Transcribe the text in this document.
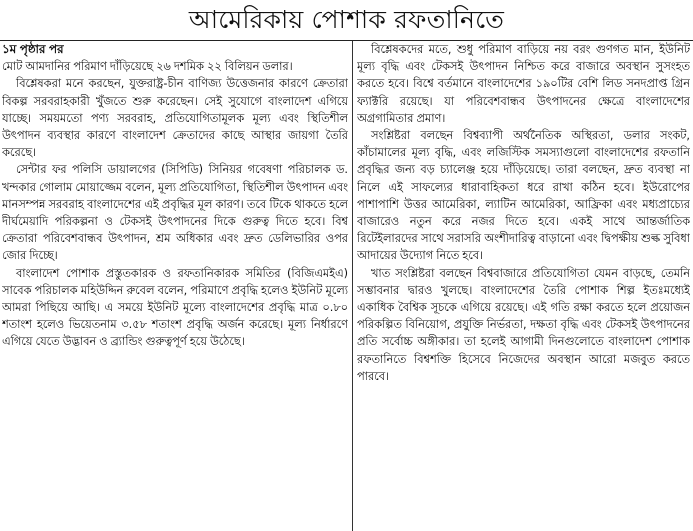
আমেরিকায় পোশাক রফতানিতে

১ম পৃষ্ঠার পর

মোট আমদানির পরিমাণ দাঁড়িয়েছে ২৬ দশমিক ২২ বিলিয়ন ডলার।

বিশ্লেষকরা মনে করছেন, যুক্তরাষ্ট্র-চীন বাণিজ্য উত্তেজনার কারণে ক্রেতারা বিকল্প সরবরাহকারী খুঁজতে শুরু করেছেন। সেই সুযোগে বাংলাদেশ এগিয়ে যাচ্ছে। সময়মতো পণ্য সরবরাহ, প্রতিযোগিতামূলক মূল্য এবং স্থিতিশীল উৎপাদন ব্যবস্থার কারণে বাংলাদেশ ক্রেতাদের কাছে আস্থার জায়গা তৈরি করেছে।

সেন্টার ফর পলিসি ডায়ালগের (সিপিডি) সিনিয়র গবেষণা পরিচালক ড. খন্দকার গোলাম মোয়াজ্জেম বলেন, মূল্য প্রতিযোগিতা, স্থিতিশীল উৎপাদন এবং মানসম্পন্ন সরবরাহ বাংলাদেশের এই প্রবৃদ্ধির মূল কারণ। তবে টিকে থাকতে হলে দীর্ঘমেয়াদি পরিকল্পনা ও টেকসই উৎপাদনের দিকে গুরুত্ব দিতে হবে। বিশ্ব ক্রেতারা পরিবেশবান্ধব উৎপাদন, শ্রম অধিকার এবং দ্রুত ডেলিভারির ওপর জোর দিচ্ছে।

বাংলাদেশ পোশাক প্রস্তুতকারক ও রফতানিকারক সমিতির (বিজিএমইএ) সাবেক পরিচালক মহিউদ্দিন রুবেল বলেন, পরিমাণে প্রবৃদ্ধি হলেও ইউনিট মূল্যে আমরা পিছিয়ে আছি। এ সময়ে ইউনিট মূল্যে বাংলাদেশের প্রবৃদ্ধি মাত্র ০.৮০ শতাংশ হলেও ভিয়েতনাম ৩.৫৮ শতাংশ প্রবৃদ্ধি অর্জন করেছে। মূল্য নির্ধারণে এগিয়ে যেতে উদ্ভাবন ও ব্র্যান্ডিং গুরুত্বপূর্ণ হয়ে উঠেছে।

বিশ্লেষকদের মতে, শুধু পরিমাণ বাড়িয়ে নয় বরং গুণগত মান, ইউনিট মূল্য বৃদ্ধি এবং টেকসই উৎপাদন নিশ্চিত করে বাজারে অবস্থান সুসংহত করতে হবে। বিশ্বে বর্তমানে বাংলাদেশের ১৯০টির বেশি লিড সনদপ্রাপ্ত গ্রিন ফ্যাক্টরি রয়েছে। যা পরিবেশবান্ধব উৎপাদনের ক্ষেত্রে বাংলাদেশের অগ্রগামিতার প্রমাণ।

সংশ্লিষ্টরা বলছেন বিশ্বব্যাপী অর্থনৈতিক অস্থিরতা, ডলার সংকট, কাঁচামালের মূল্য বৃদ্ধি, এবং লজিস্টিক সমস্যাগুলো বাংলাদেশের রফতানি প্রবৃদ্ধির জন্য বড় চ্যালেঞ্জ হয়ে দাঁড়িয়েছে। তারা বলছেন, দ্রুত ব্যবস্থা না নিলে এই সাফল্যের ধারাবাহিকতা ধরে রাখা কঠিন হবে। ইউরোপের পাশাপাশি উত্তর আমেরিকা, ল্যাটিন আমেরিকা, আফ্রিকা এবং মধ্যপ্রাচ্যের বাজারেও নতুন করে নজর দিতে হবে। একই সাথে আন্তর্জাতিক রিটেইলারদের সাথে সরাসরি অংশীদারিত্ব বাড়ানো এবং দ্বিপক্ষীয় শুল্ক সুবিধা আদায়ের উদ্যোগ নিতে হবে।

খাত সংশ্লিষ্টরা বলছেন বিশ্ববাজারে প্রতিযোগিতা যেমন বাড়ছে, তেমনি সম্ভাবনার দ্বারও খুলছে। বাংলাদেশের তৈরি পোশাক শিল্প ইতঃমধ্যেই একাধিক বৈশ্বিক সূচকে এগিয়ে রয়েছে। এই গতি রক্ষা করতে হলে প্রয়োজন পরিকল্পিত বিনিয়োগ, প্রযুক্তি নির্ভরতা, দক্ষতা বৃদ্ধি এবং টেকসই উৎপাদনের প্রতি সর্বোচ্চ অঙ্গীকার। তা হলেই আগামী দিনগুলোতে বাংলাদেশ পোশাক রফতানিতে বিশ্বশক্তি হিসেবে নিজেদের অবস্থান আরো মজবুত করতে পারবে।
